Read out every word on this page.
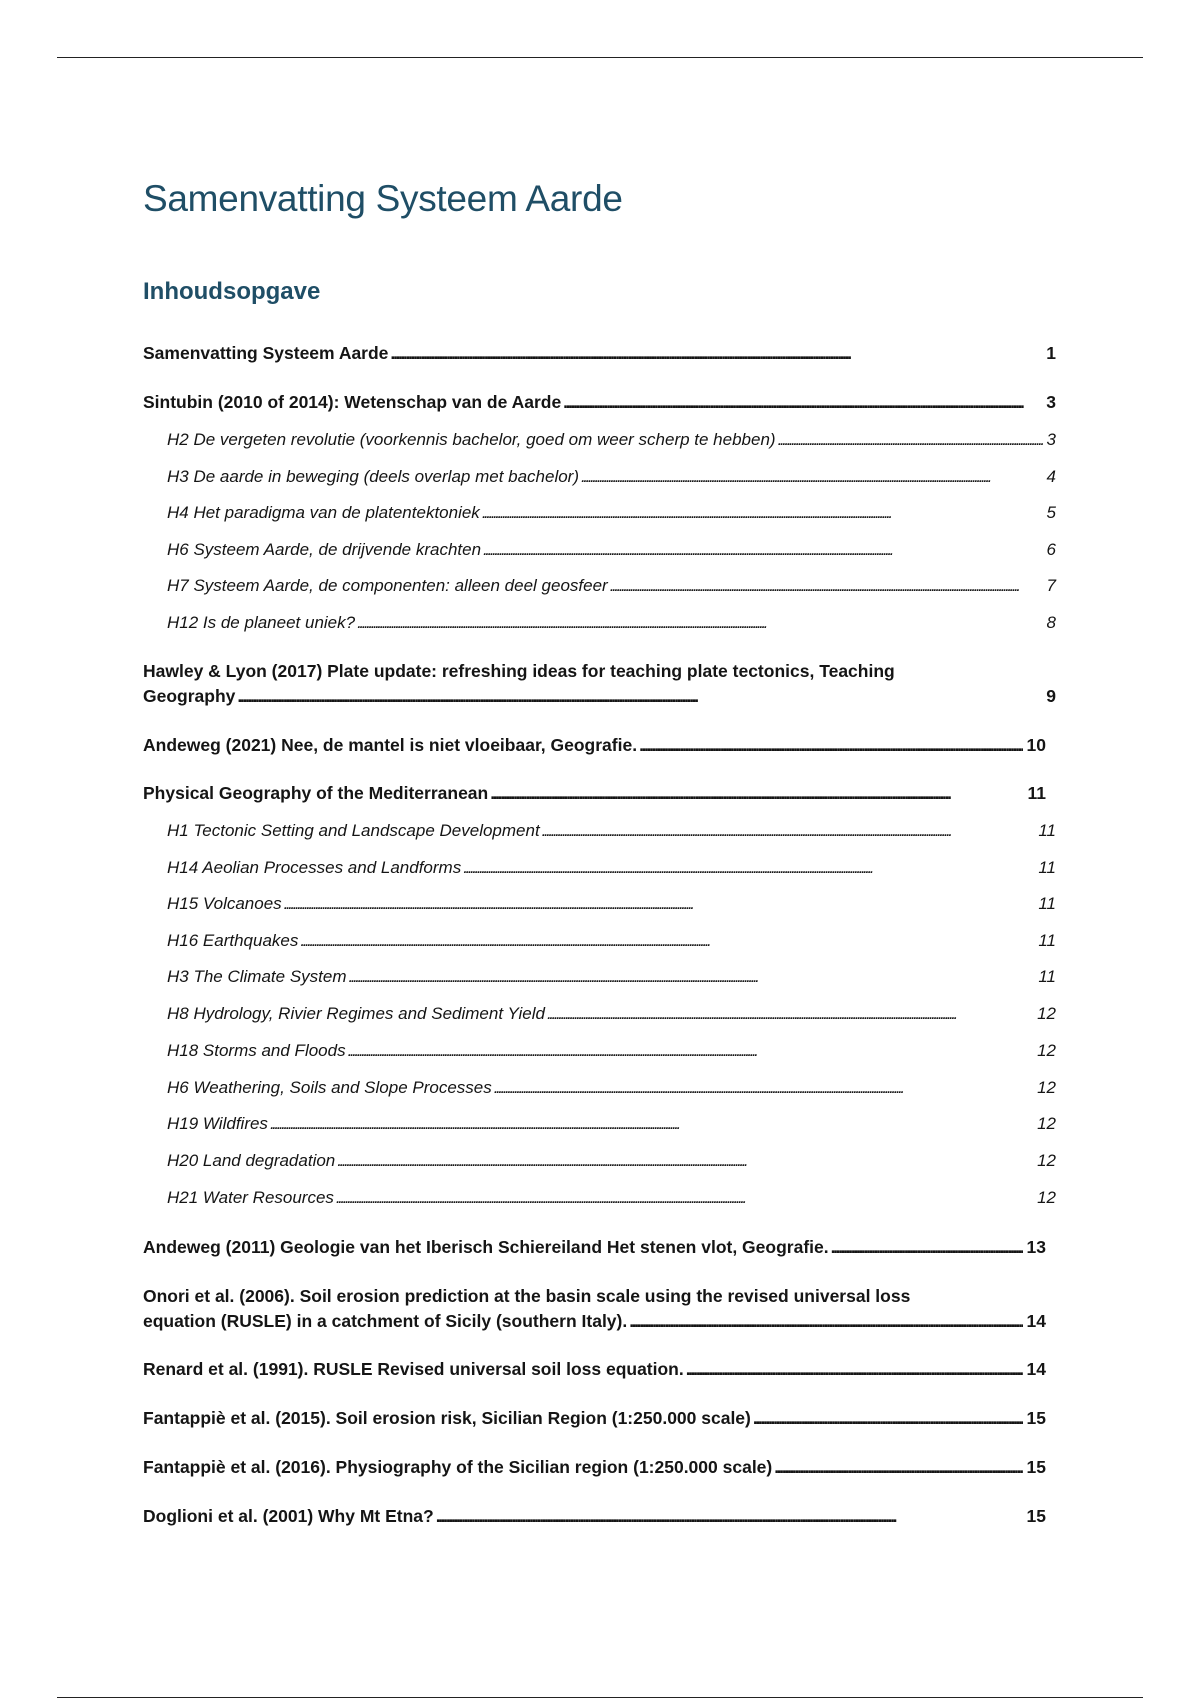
Samenvatting Systeem Aarde
Inhoudsopgave
Samenvatting Systeem Aarde . . .	1
Sintubin (2010 of 2014): Wetenschap van de Aarde . . .	3
H2 De vergeten revolutie (voorkennis bachelor, goed om weer scherp te hebben) . . .	3
H3 De aarde in beweging (deels overlap met bachelor) . . .	4
H4 Het paradigma van de platentektoniek . . .	5
H6 Systeem Aarde, de drijvende krachten . . .	6
H7 Systeem Aarde, de componenten: alleen deel geosfeer . . .	7
H12 Is de planeet uniek? . . .	8
Hawley & Lyon (2017) Plate update: refreshing ideas for teaching plate tectonics, Teaching
Geography . . .	9
Andeweg (2021) Nee, de mantel is niet vloeibaar, Geografie. . . .	10
Physical Geography of the Mediterranean . . .	11
H1 Tectonic Setting and Landscape Development . . .	11
H14 Aeolian Processes and Landforms . . .	11
H15 Volcanoes . . .	11
H16 Earthquakes . . .	11
H3 The Climate System . . .	11
H8 Hydrology, Rivier Regimes and Sediment Yield . . .	12
H18 Storms and Floods . . .	12
H6 Weathering, Soils and Slope Processes . . .	12
H19 Wildfires . . .	12
H20 Land degradation . . .	12
H21 Water Resources . . .	12
Andeweg (2011) Geologie van het Iberisch Schiereiland Het stenen vlot, Geografie. . . .	13
Onori et al. (2006). Soil erosion prediction at the basin scale using the revised universal loss
equation (RUSLE) in a catchment of Sicily (southern Italy). . . .	14
Renard et al. (1991). RUSLE Revised universal soil loss equation. . . .	14
Fantappiè et al. (2015). Soil erosion risk, Sicilian Region (1:250.000 scale) . . .	15
Fantappiè et al. (2016). Physiography of the Sicilian region (1:250.000 scale) . . .	15
Doglioni et al. (2001) Why Mt Etna? . . .	15
